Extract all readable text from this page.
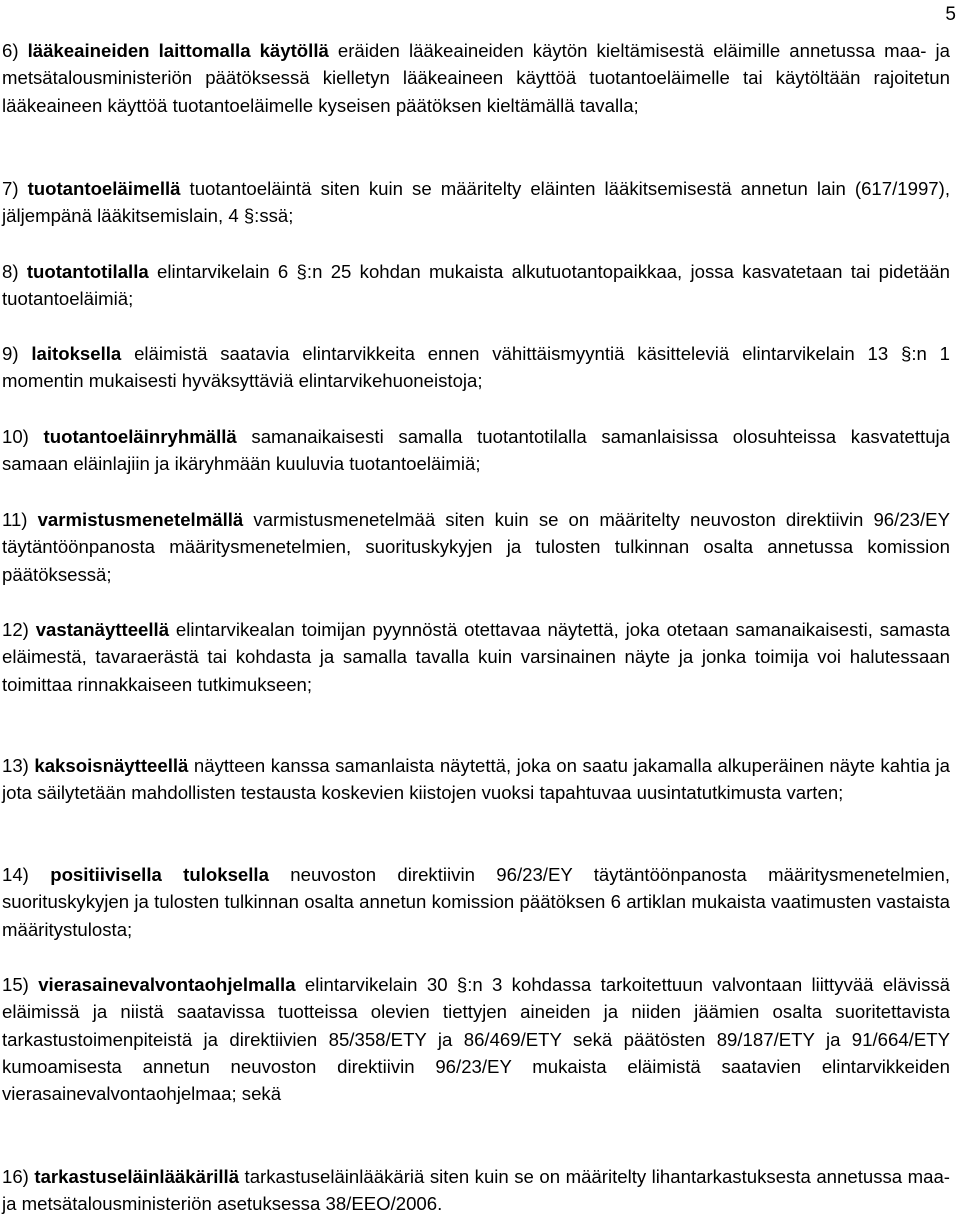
5
6) lääkeaineiden laittomalla käytöllä eräiden lääkeaineiden käytön kieltämisestä eläimille annetussa maa- ja metsätalousministeriön päätöksessä kielletyn lääkeaineen käyttöä tuotantoeläimelle tai käytöltään rajoitetun lääkeaineen käyttöä tuotantoeläimelle kyseisen päätöksen kieltämällä tavalla;
7) tuotantoeläimellä tuotantoeläintä siten kuin se määritelty eläinten lääkitsemisestä annetun lain (617/1997), jäljempänä lääkitsemislain, 4 §:ssä;
8) tuotantotilalla elintarvikelain 6 §:n 25 kohdan mukaista alkutuotantopaikkaa, jossa kasvatetaan tai pidetään tuotantoeläimiä;
9) laitoksella eläimistä saatavia elintarvikkeita ennen vähittäismyyntiä käsitteleviä elintarvikelain 13 §:n 1 momentin mukaisesti hyväksyttäviä elintarvikehuoneistoja;
10) tuotantoeläinryhmällä samanaikaisesti samalla tuotantotilalla samanlaisissa olosuhteissa kasvatettuja samaan eläinlajiin ja ikäryhmään kuuluvia tuotantoeläimiä;
11) varmistusmenetelmällä varmistusmenetelmää siten kuin se on määritelty neuvoston direktiivin 96/23/EY täytäntöönpanosta määritysmenetelmien, suorituskykyjen ja tulosten tulkinnan osalta annetussa komission päätöksessä;
12) vastanäytteellä elintarvikealan toimijan pyynnöstä otettavaa näytettä, joka otetaan samanaikaisesti, samasta eläimestä, tavaraerästä tai kohdasta ja samalla tavalla kuin varsinainen näyte ja jonka toimija voi halutessaan toimittaa rinnakkaiseen tutkimukseen;
13) kaksoisnäytteellä näytteen kanssa samanlaista näytettä, joka on saatu jakamalla alkuperäinen näyte kahtia ja jota säilytetään mahdollisten testausta koskevien kiistojen vuoksi tapahtuvaa uusintatutkimusta varten;
14) positiivisella tuloksella neuvoston direktiivin 96/23/EY täytäntöönpanosta määritysmenetelmien, suorituskykyjen ja tulosten tulkinnan osalta annetun komission päätöksen 6 artiklan mukaista vaatimusten vastaista määritystulosta;
15) vierasainevalvontaohjelmalla elintarvikelain 30 §:n 3 kohdassa tarkoitettuun valvontaan liittyvää elävissä eläimissä ja niistä saatavissa tuotteissa olevien tiettyjen aineiden ja niiden jäämien osalta suoritettavista tarkastustoimenpiteistä ja direktiivien 85/358/ETY ja 86/469/ETY sekä päätösten 89/187/ETY ja 91/664/ETY kumoamisesta annetun neuvoston direktiivin 96/23/EY mukaista eläimistä saatavien elintarvikkeiden vierasainevalvontaohjelmaa; sekä
16) tarkastuseläinlääkärillä tarkastuseläinlääkäriä siten kuin se on määritelty lihantarkastuksesta annetussa maa- ja metsätalousministeriön asetuksessa 38/EEO/2006.
